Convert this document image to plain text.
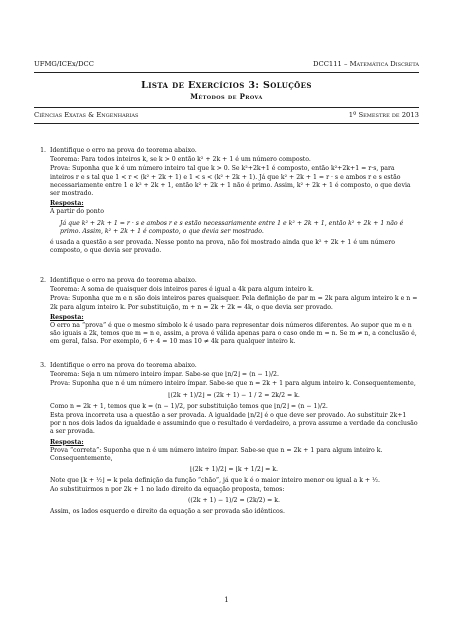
UFMG/ICEx/DCC	DCC111 – Matemática Discreta
Lista de Exercícios 3: Soluções
Métodos de Prova
Ciências Exatas & Engenharias	1º Semestre de 2013
1. Identifique o erro na prova do teorema abaixo.
Teorema: Para todos inteiros k, se k > 0 então k² + 2k + 1 é um número composto.
Prova: Suponha que k é um número inteiro tal que k > 0. Se k²+2k+1 é composto, então k²+2k+1 = r·s, para inteiros r e s tal que 1 < r < (k² + 2k + 1) e 1 < s < (k² + 2k + 1). Já que k² + 2k + 1 = r · s e ambos r e s estão necessariamente entre 1 e k² + 2k + 1, então k² + 2k + 1 não é primo. Assim, k² + 2k + 1 é composto, o que devia ser mostrado.
Resposta:
A partir do ponto
Já que k² + 2k + 1 = r · s e ambos r e s estão necessariamente entre 1 e k² + 2k + 1, então k² + 2k + 1 não é primo. Assim, k² + 2k + 1 é composto, o que devia ser mostrado.
é usada a questão a ser provada. Nesse ponto na prova, não foi mostrado ainda que k² + 2k + 1 é um número composto, o que devia ser provado.
2. Identifique o erro na prova do teorema abaixo.
Teorema: A soma de quaisquer dois inteiros pares é igual a 4k para algum inteiro k.
Prova: Suponha que m e n são dois inteiros pares quaisquer. Pela definição de par m = 2k para algum inteiro k e n = 2k para algum inteiro k. Por substituição, m + n = 2k + 2k = 4k, o que devia ser provado.
Resposta:
O erro na “prova” é que o mesmo símbolo k é usado para representar dois números diferentes. Ao supor que m e n são iguais a 2k, temos que m = n e, assim, a prova é válida apenas para o caso onde m = n. Se m ≠ n, a conclusão é, em geral, falsa. Por exemplo, 6 + 4 = 10 mas 10 ≠ 4k para qualquer inteiro k.
3. Identifique o erro na prova do teorema abaixo.
Teorema: Seja n um número inteiro ímpar. Sabe-se que ⌊n/2⌋ = (n − 1)/2.
Prova: Suponha que n é um número inteiro ímpar. Sabe-se que n = 2k + 1 para algum inteiro k. Consequentemente,
⌊(2k + 1)/2⌋ = (2k + 1) − 1 / 2 = 2k/2 = k.
Como n = 2k + 1, temos que k = (n − 1)/2, por substituição temos que ⌊n/2⌋ = (n − 1)/2.
Esta prova incorreta usa a questão a ser provada. A igualdade ⌊n/2⌋ é o que deve ser provado. Ao substituir 2k+1 por n nos dois lados da igualdade e assumindo que o resultado é verdadeiro, a prova assume a verdade da conclusão a ser provada.
Resposta:
Prova “correta”: Suponha que n é um número inteiro ímpar. Sabe-se que n = 2k + 1 para algum inteiro k. Consequentemente,
⌊(2k + 1)/2⌋ = ⌊k + 1/2⌋ = k.
Note que ⌊k + ½⌋ = k pela definição da função “chão”, já que k é o maior inteiro menor ou igual a k + ½.
Ao substituirmos n por 2k + 1 no lado direito da equação proposta, temos:
((2k + 1) − 1)/2 = (2k/2) = k.
Assim, os lados esquerdo e direito da equação a ser provada são idênticos.
1
